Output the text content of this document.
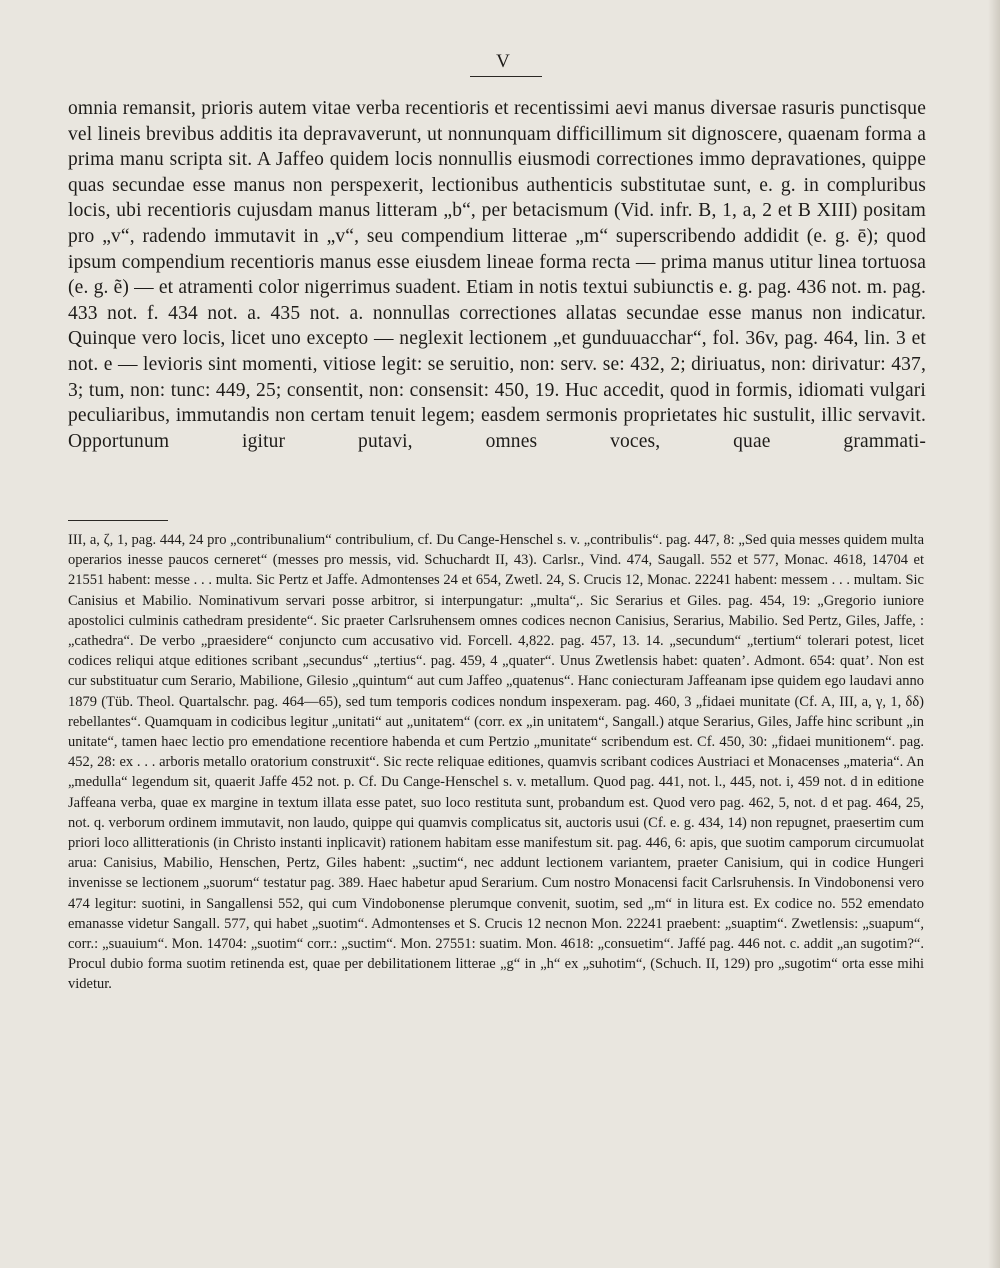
V
omnia remansit, prioris autem vitae verba recentioris et recentissimi aevi manus diversae rasuris punctisque vel lineis brevibus additis ita depravaverunt, ut nonnunquam difficillimum sit dignoscere, quaenam forma a prima manu scripta sit. A Jaffeo quidem locis nonnullis eiusmodi correctiones immo depravationes, quippe quas secundae esse manus non perspexerit, lectionibus authenticis substitutae sunt, e. g. in compluribus locis, ubi recentioris cujusdam manus litteram „b“, per betacismum (Vid. infr. B, 1, a, 2 et B XIII) positam pro „v“, radendo immutavit in „v“, seu compendium litterae „m“ superscribendo addidit (e. g. ē); quod ipsum compendium recentioris manus esse eiusdem lineae forma recta — prima manus utitur linea tortuosa (e. g. ẽ) — et atramenti color nigerrimus suadent. Etiam in notis textui subiunctis e. g. pag. 436 not. m. pag. 433 not. f. 434 not. a. 435 not. a. nonnullas correctiones allatas secundae esse manus non indicatur. Quinque vero locis, licet uno excepto — neglexit lectionem „et gunduuacchar“, fol. 36v, pag. 464, lin. 3 et not. e — levioris sint momenti, vitiose legit: se seruitio, non: serv. se: 432, 2; diriuatus, non: dirivatur: 437, 3; tum, non: tunc: 449, 25; consentit, non: consensit: 450, 19. Huc accedit, quod in formis, idiomati vulgari peculiaribus, immutandis non certam tenuit legem; easdem sermonis proprietates hic sustulit, illic servavit. Opportunum igitur putavi, omnes voces, quae grammati-
III, a, ζ, 1, pag. 444, 24 pro „contribunalium“ contribulium, cf. Du Cange-Henschel s. v. „contribulis“. pag. 447, 8: „Sed quia messes quidem multa operarios inesse paucos cerneret“ (messes pro messis, vid. Schuchardt II, 43). Carlsr., Vind. 474, Saugall. 552 et 577, Monac. 4618, 14704 et 21551 habent: messe . . . multa. Sic Pertz et Jaffe. Admontenses 24 et 654, Zwetl. 24, S. Crucis 12, Monac. 22241 habent: messem . . . multam. Sic Canisius et Mabilio. Nominativum servari posse arbitror, si interpungatur: „multa“,. Sic Serarius et Giles. pag. 454, 19: „Gregorio iuniore apostolici culminis cathedram presidente“. Sic praeter Carlsruhensem omnes codices necnon Canisius, Serarius, Mabilio. Sed Pertz, Giles, Jaffe, : „cathedra“. De verbo „praesidere“ conjuncto cum accusativo vid. Forcell. 4,822. pag. 457, 13. 14. „secundum“ „tertium“ tolerari potest, licet codices reliqui atque editiones scribant „secundus“ „tertius“. pag. 459, 4 „quater“. Unus Zwetlensis habet: quaten’. Admont. 654: quat’. Non est cur substituatur cum Serario, Mabilione, Gilesio „quintum“ aut cum Jaffeo „quatenus“. Hanc coniecturam Jaffeanam ipse quidem ego laudavi anno 1879 (Tüb. Theol. Quartalschr. pag. 464—65), sed tum temporis codices nondum inspexeram. pag. 460, 3 „fidaei munitate (Cf. A, III, a, γ, 1, δδ) rebellantes“. Quamquam in codicibus legitur „unitati“ aut „unitatem“ (corr. ex „in unitatem“, Sangall.) atque Serarius, Giles, Jaffe hinc scribunt „in unitate“, tamen haec lectio pro emendatione recentiore habenda et cum Pertzio „munitate“ scribendum est. Cf. 450, 30: „fidaei munitionem“. pag. 452, 28: ex . . . arboris metallo oratorium construxit“. Sic recte reliquae editiones, quamvis scribant codices Austriaci et Monacenses „materia“. An „medulla“ legendum sit, quaerit Jaffe 452 not. p. Cf. Du Cange-Henschel s. v. metallum. Quod pag. 441, not. l., 445, not. i, 459 not. d in editione Jaffeana verba, quae ex margine in textum illata esse patet, suo loco restituta sunt, probandum est. Quod vero pag. 462, 5, not. d et pag. 464, 25, not. q. verborum ordinem immutavit, non laudo, quippe qui quamvis complicatus sit, auctoris usui (Cf. e. g. 434, 14) non repugnet, praesertim cum priori loco allitterationis (in Christo instanti inplicavit) rationem habitam esse manifestum sit. pag. 446, 6: apis, que suotim camporum circumuolat arua: Canisius, Mabilio, Henschen, Pertz, Giles habent: „suctim“, nec addunt lectionem variantem, praeter Canisium, qui in codice Hungeri invenisse se lectionem „suorum“ testatur pag. 389. Haec habetur apud Serarium. Cum nostro Monacensi facit Carlsruhensis. In Vindobonensi vero 474 legitur: suotini, in Sangallensi 552, qui cum Vindobonense plerumque convenit, suotim, sed „m“ in litura est. Ex codice no. 552 emendato emanasse videtur Sangall. 577, qui habet „suotim“. Admontenses et S. Crucis 12 necnon Mon. 22241 praebent: „suaptim“. Zwetlensis: „suapum“, corr.: „suauium“. Mon. 14704: „suotim“ corr.: „suctim“. Mon. 27551: suatim. Mon. 4618: „consuetim“. Jaffé pag. 446 not. c. addit „an sugotim?“. Procul dubio forma suotim retinenda est, quae per debilitationem litterae „g“ in „h“ ex „suhotim“, (Schuch. II, 129) pro „sugotim“ orta esse mihi videtur.
